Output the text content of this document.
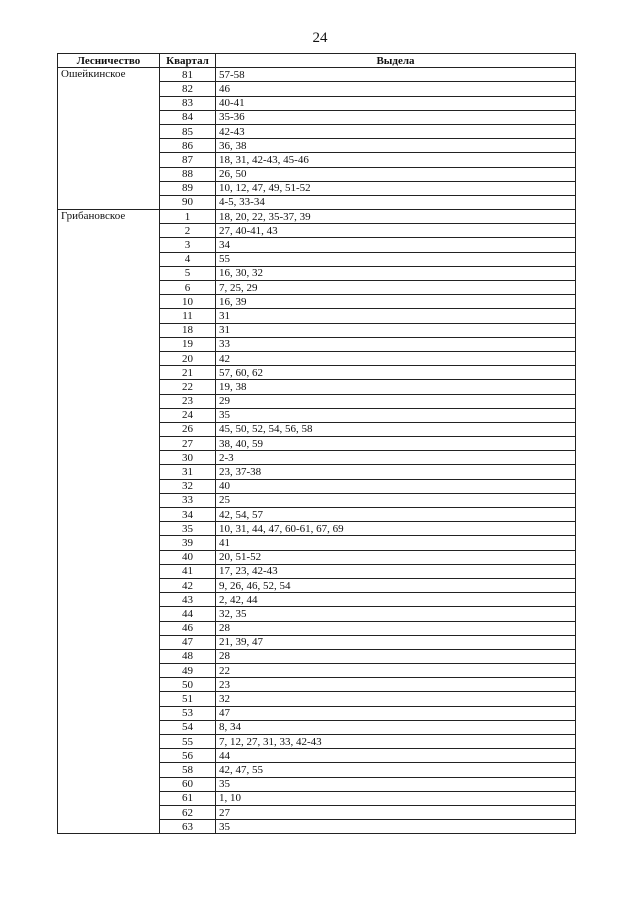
24
Лесничество	Квартал	Выдела
Ошейкинское	81	57-58
	82	46
	83	40-41
	84	35-36
	85	42-43
	86	36, 38
	87	18, 31, 42-43, 45-46
	88	26, 50
	89	10, 12, 47, 49, 51-52
	90	4-5, 33-34
Грибановское	1	18, 20, 22, 35-37, 39
	2	27, 40-41, 43
	3	34
	4	55
	5	16, 30, 32
	6	7, 25, 29
	10	16, 39
	11	31
	18	31
	19	33
	20	42
	21	57, 60, 62
	22	19, 38
	23	29
	24	35
	26	45, 50, 52, 54, 56, 58
	27	38, 40, 59
	30	2-3
	31	23, 37-38
	32	40
	33	25
	34	42, 54, 57
	35	10, 31, 44, 47, 60-61, 67, 69
	39	41
	40	20, 51-52
	41	17, 23, 42-43
	42	9, 26, 46, 52, 54
	43	2, 42, 44
	44	32, 35
	46	28
	47	21, 39, 47
	48	28
	49	22
	50	23
	51	32
	53	47
	54	8, 34
	55	7, 12, 27, 31, 33, 42-43
	56	44
	58	42, 47, 55
	60	35
	61	1, 10
	62	27
	63	35
